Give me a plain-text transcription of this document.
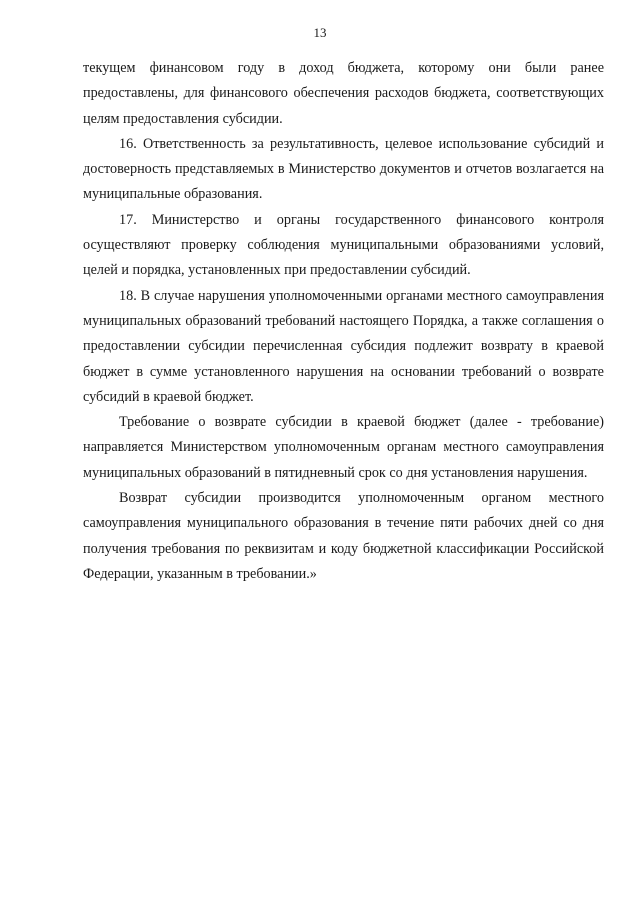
13

текущем финансовом году в доход бюджета, которому они были ранее предоставлены, для финансового обеспечения расходов бюджета, соответствующих целям предоставления субсидии.

16. Ответственность за результативность, целевое использование субсидий и достоверность представляемых в Министерство документов и отчетов возлагается на муниципальные образования.

17. Министерство и органы государственного финансового контроля осуществляют проверку соблюдения муниципальными образованиями условий, целей и порядка, установленных при предоставлении субсидий.

18. В случае нарушения уполномоченными органами местного самоуправления муниципальных образований требований настоящего Порядка, а также соглашения о предоставлении субсидии перечисленная субсидия подлежит возврату в краевой бюджет в сумме установленного нарушения на основании требований о возврате субсидий в краевой бюджет.

Требование о возврате субсидии в краевой бюджет (далее - требование) направляется Министерством уполномоченным органам местного самоуправления муниципальных образований в пятидневный срок со дня установления нарушения.

Возврат субсидии производится уполномоченным органом местного самоуправления муниципального образования в течение пяти рабочих дней со дня получения требования по реквизитам и коду бюджетной классификации Российской Федерации, указанным в требовании.»
